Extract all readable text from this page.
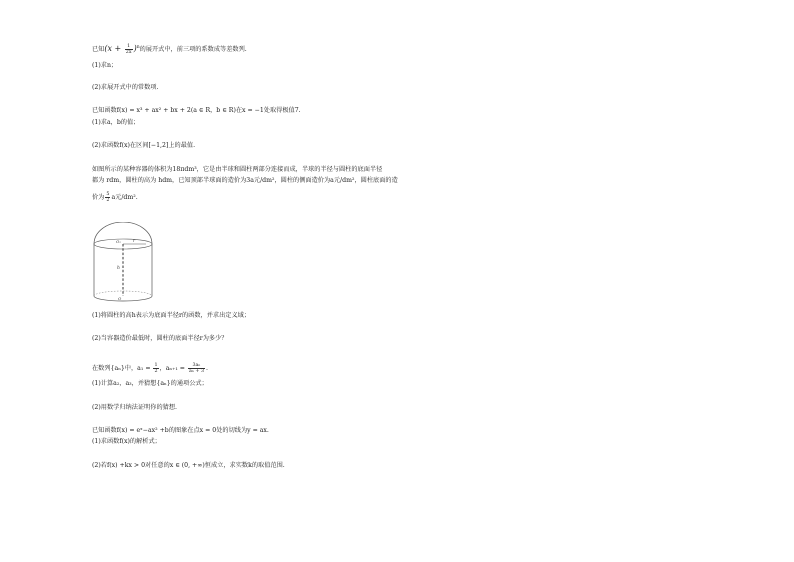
已知$(x + \frac{1}{2x} )^n$的展开式中，前三项的系数成等差数列.
(1)求n；
(2)求展开式中的常数项.
已知函数f(x) = x³ + ax² + bx + 2(a ∈ R，b ∈ R)在x = −1处取得极值7.
(1)求a，b的值；
(2)求函数f(x)在区间[−1,2]上的最值.
如图所示的某种容器的体积为18πdm³，它是由半球和圆柱两部分连接而成，半球的半径与圆柱的底面半径
都为 rdm，圆柱的高为 hdm，已知顶部半球面的造价为3a元/dm²，圆柱的侧面造价为a元/dm²，圆柱底面的造
价为 $\frac{5}{2}$ a元/dm².
r
h
O₁
O
(1)将圆柱的高h表示为底面半径r的函数，并求出定义域；
(2)当容器造价最低时，圆柱的底面半径r为多少？
在数列{aₙ}中，$a_1 = \frac{1}{2}$ ，$a_{n+1} = \frac{\text{3aₙ}}{\text{aₙ + 3}}$ .
(1)计算a₂，a₃，并猜想{aₙ}的通项公式；
(2)用数学归纳法证明你的猜想.
已知函数f(x) = eˣ−ax² +b的图象在点x = 0处的切线为y = ax.
(1)求函数f(x)的解析式；
(2)若f(x) +kx > 0对任意的x ∈ (0, +∞)恒成立，求实数k的取值范围.
